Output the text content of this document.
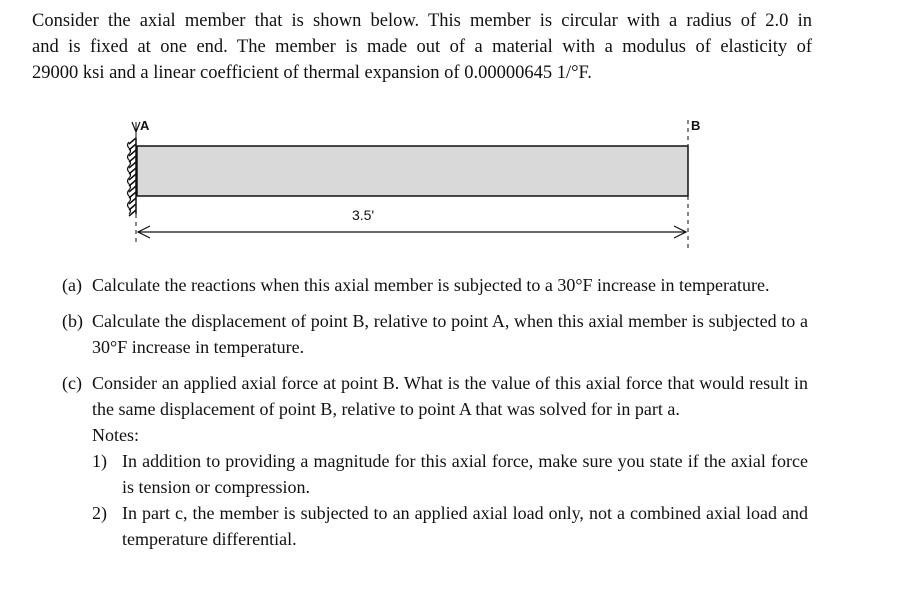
Consider the axial member that is shown below. This member is circular with a radius of 2.0 in
and is fixed at one end. The member is made out of a material with a modulus of elasticity of
29000 ksi and a linear coefficient of thermal expansion of 0.00000645 1/°F.
A	B
3.5'
(a) Calculate the reactions when this axial member is subjected to a 30°F increase in temperature.
(b) Calculate the displacement of point B, relative to point A, when this axial member is subjected to a 30°F increase in temperature.
(c) Consider an applied axial force at point B. What is the value of this axial force that would result in the same displacement of point B, relative to point A that was solved for in part a.
Notes:
1) In addition to providing a magnitude for this axial force, make sure you state if the axial force is tension or compression.
2) In part c, the member is subjected to an applied axial load only, not a combined axial load and temperature differential.
